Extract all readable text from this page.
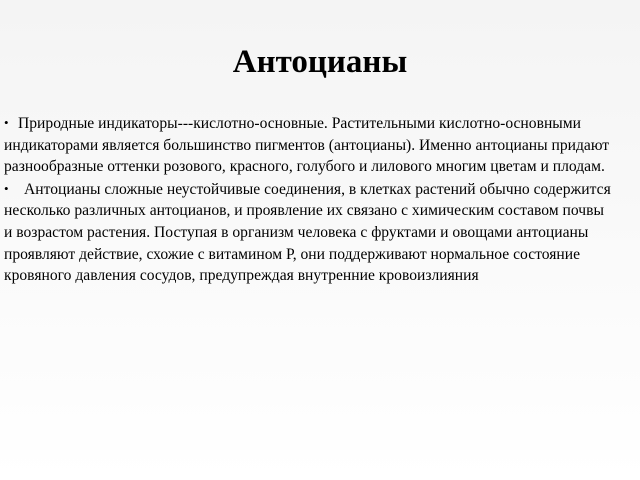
Антоцианы

• Природные индикаторы---кислотно-основные. Растительными кислотно-основными индикаторами является большинство пигментов (антоцианы). Именно антоцианы придают разнообразные оттенки розового, красного, голубого и лилового многим цветам и плодам.

• Антоцианы сложные неустойчивые соединения, в клетках растений обычно содержится несколько различных антоцианов, и проявление их связано с химическим составом почвы и возрастом растения. Поступая в организм человека с фруктами и овощами антоцианы проявляют действие, схожие с витамином Р, они поддерживают нормальное состояние кровяного давления сосудов, предупреждая внутренние кровоизлияния
